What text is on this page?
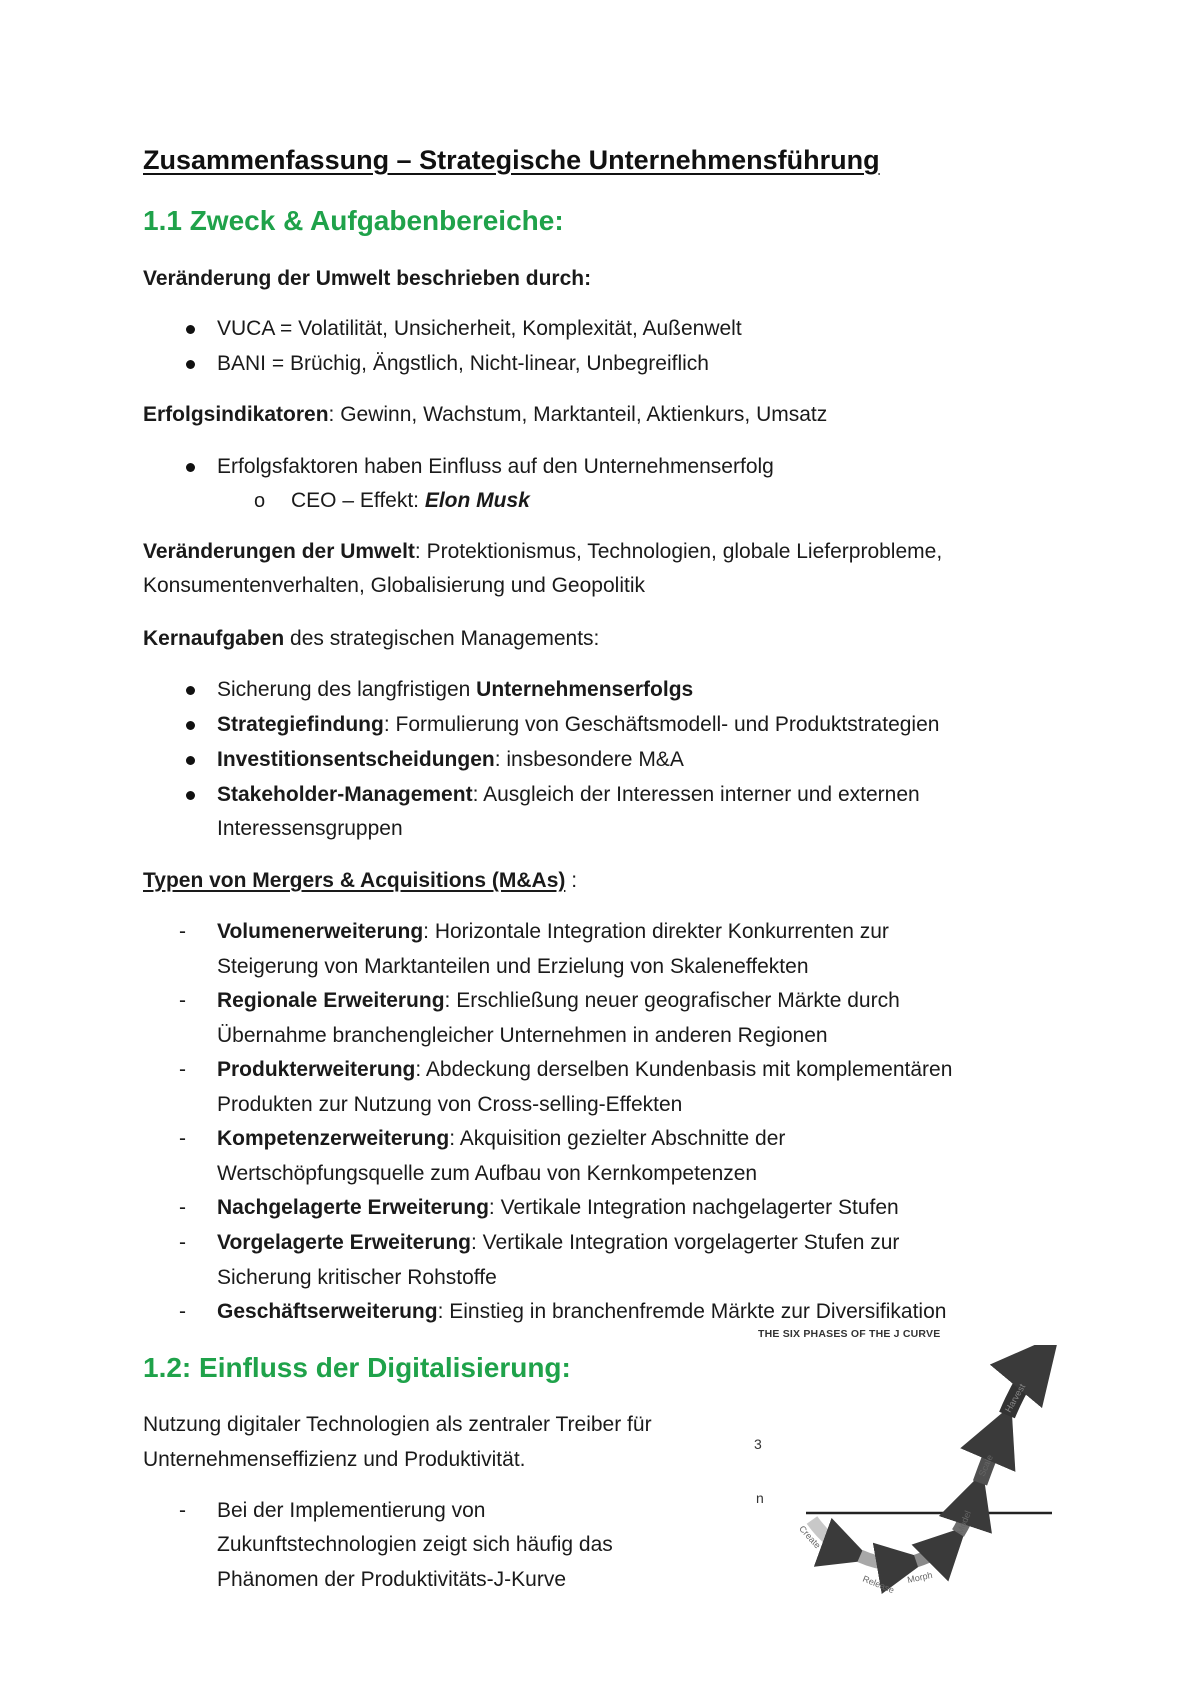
Zusammenfassung – Strategische Unternehmensführung
1.1 Zweck & Aufgabenbereiche:
Veränderung der Umwelt beschrieben durch:
VUCA = Volatilität, Unsicherheit, Komplexität, Außenwelt
BANI = Brüchig, Ängstlich, Nicht-linear, Unbegreiflich
Erfolgsindikatoren: Gewinn, Wachstum, Marktanteil, Aktienkurs, Umsatz
Erfolgsfaktoren haben Einfluss auf den Unternehmenserfolg
o CEO – Effekt: Elon Musk
Veränderungen der Umwelt: Protektionismus, Technologien, globale Lieferprobleme,
Konsumentenverhalten, Globalisierung und Geopolitik
Kernaufgaben des strategischen Managements:
Sicherung des langfristigen Unternehmenserfolgs
Strategiefindung: Formulierung von Geschäftsmodell- und Produktstrategien
Investitionsentscheidungen: insbesondere M&A
Stakeholder-Management: Ausgleich der Interessen interner und externen
Interessensgruppen
Typen von Mergers & Acquisitions (M&As) :
- Volumenerweiterung: Horizontale Integration direkter Konkurrenten zur
Steigerung von Marktanteilen und Erzielung von Skaleneffekten
- Regionale Erweiterung: Erschließung neuer geografischer Märkte durch
Übernahme branchengleicher Unternehmen in anderen Regionen
- Produkterweiterung: Abdeckung derselben Kundenbasis mit komplementären
Produkten zur Nutzung von Cross-selling-Effekten
- Kompetenzerweiterung: Akquisition gezielter Abschnitte der
Wertschöpfungsquelle zum Aufbau von Kernkompetenzen
- Nachgelagerte Erweiterung: Vertikale Integration nachgelagerter Stufen
- Vorgelagerte Erweiterung: Vertikale Integration vorgelagerter Stufen zur
Sicherung kritischer Rohstoffe
- Geschäftserweiterung: Einstieg in branchenfremde Märkte zur Diversifikation
1.2: Einfluss der Digitalisierung:
Nutzung digitaler Technologien als zentraler Treiber für
Unternehmenseffizienz und Produktivität.
- Bei der Implementierung von
Zukunftstechnologien zeigt sich häufig das
Phänomen der Produktivitäts-J-Kurve
THE SIX PHASES OF THE J CURVE
3
n
Create
Release Morph
Model
Scale
Harvest
